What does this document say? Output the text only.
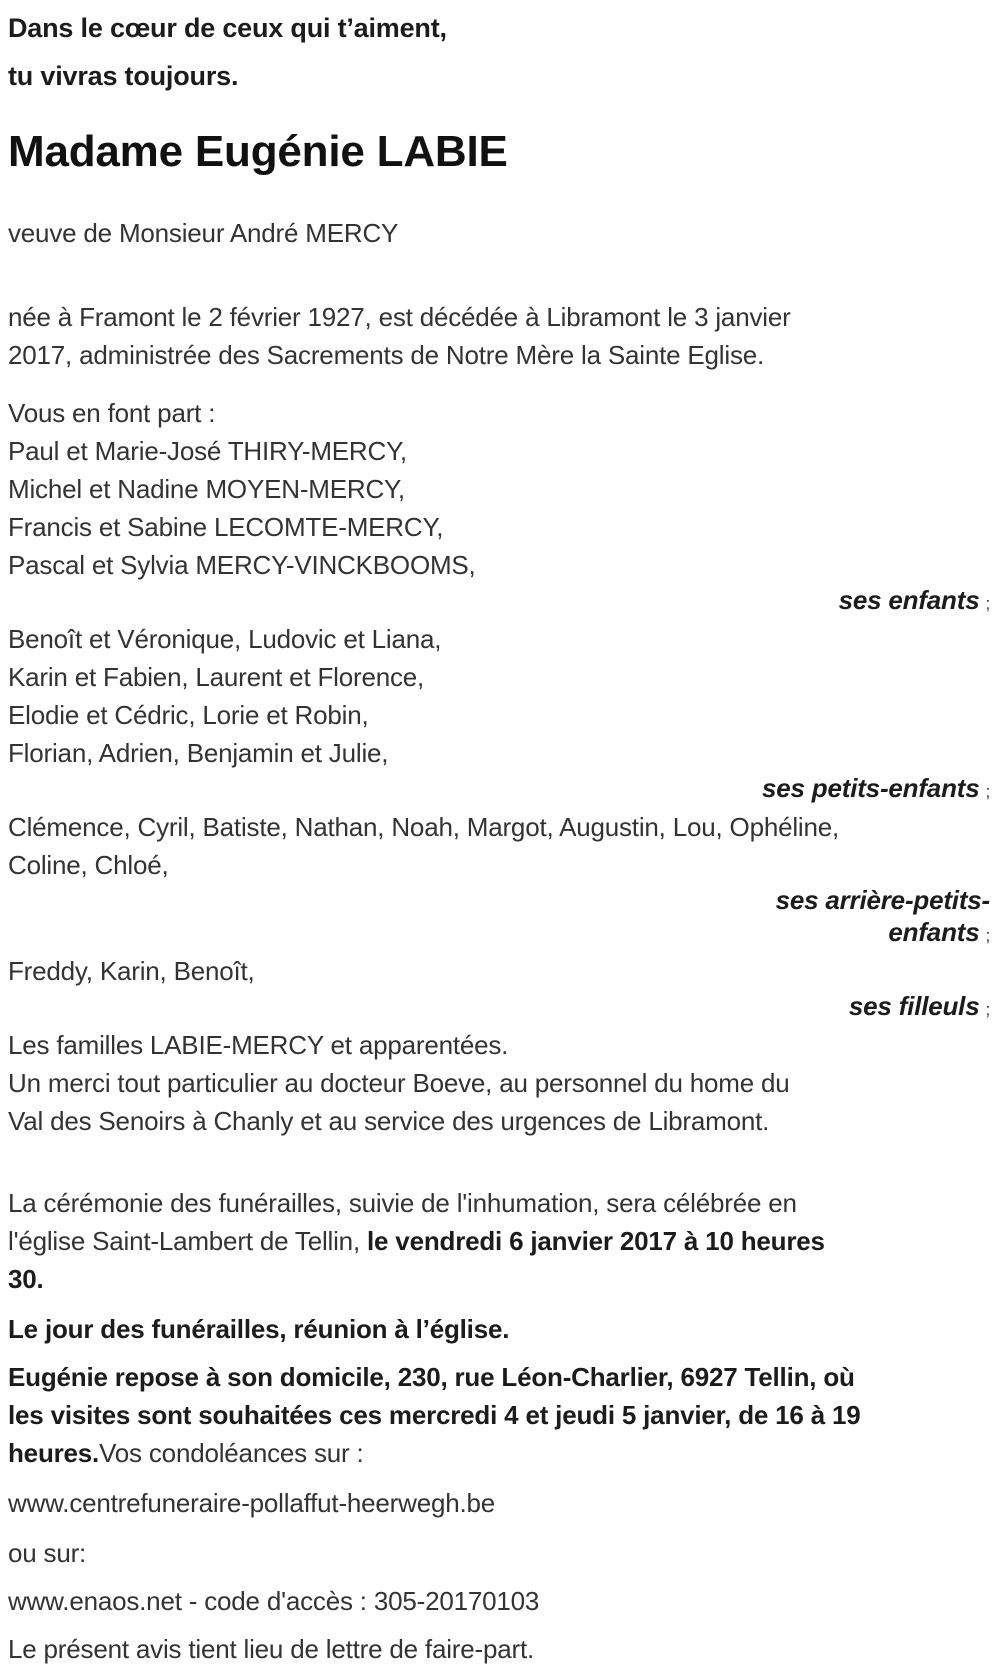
Dans le cœur de ceux qui t’aiment,
tu vivras toujours.
Madame Eugénie LABIE
veuve de Monsieur André MERCY
née à Framont le 2 février 1927, est décédée à Libramont le 3 janvier
2017, administrée des Sacrements de Notre Mère la Sainte Eglise.
Vous en font part :
Paul et Marie-José THIRY-MERCY,
Michel et Nadine MOYEN-MERCY,
Francis et Sabine LECOMTE-MERCY,
Pascal et Sylvia MERCY-VINCKBOOMS,
ses enfants ;
Benoît et Véronique, Ludovic et Liana,
Karin et Fabien, Laurent et Florence,
Elodie et Cédric, Lorie et Robin,
Florian, Adrien, Benjamin et Julie,
ses petits-enfants ;
Clémence, Cyril, Batiste, Nathan, Noah, Margot, Augustin, Lou, Ophéline,
Coline, Chloé,
ses arrière-petits-enfants ;
Freddy, Karin, Benoît,
ses filleuls ;
Les familles LABIE-MERCY et apparentées.
Un merci tout particulier au docteur Boeve, au personnel du home du
Val des Senoirs à Chanly et au service des urgences de Libramont.
La cérémonie des funérailles, suivie de l'inhumation, sera célébrée en
l'église Saint-Lambert de Tellin, le vendredi 6 janvier 2017 à 10 heures
30.
Le jour des funérailles, réunion à l’église.
Eugénie repose à son domicile, 230, rue Léon-Charlier, 6927 Tellin, où
les visites sont souhaitées ces mercredi 4 et jeudi 5 janvier, de 16 à 19
heures.Vos condoléances sur :
www.centrefuneraire-pollaffut-heerwegh.be
ou sur:
www.enaos.net - code d'accès : 305-20170103
Le présent avis tient lieu de lettre de faire-part.
